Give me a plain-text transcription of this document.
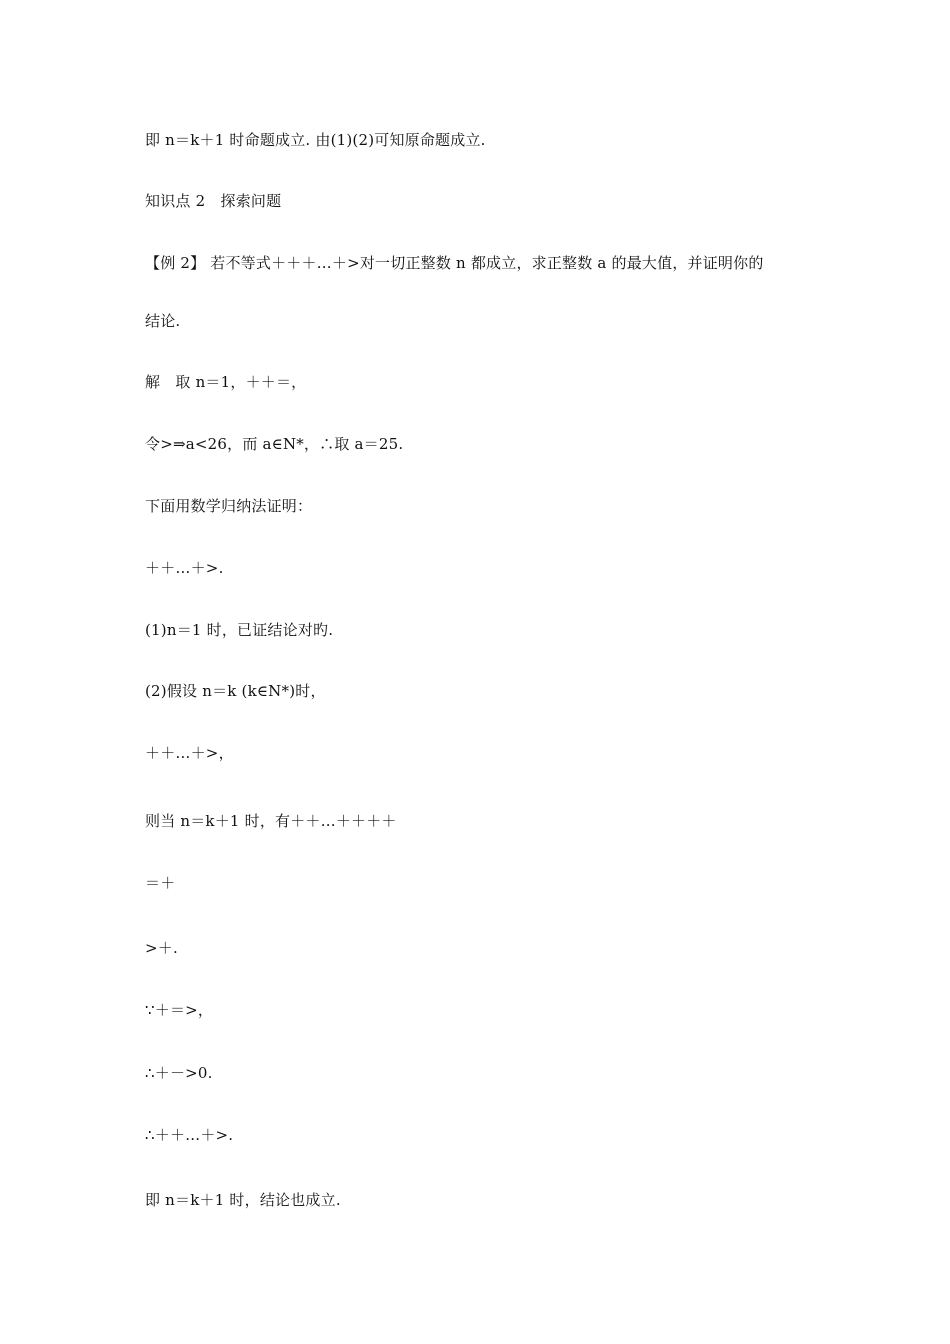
即 n＝k＋1 时命题成立. 由(1)(2)可知原命题成立.
知识点 2　探索问题
【例 2】 若不等式＋＋＋…＋>对一切正整数 n 都成立，求正整数 a 的最大值，并证明你的
结论.
解　取 n＝1，＋＋＝，
令>⇒a<26，而 a∈N*，∴取 a＝25.
下面用数学归纳法证明：
＋＋…＋>.
(1)n＝1 时，已证结论对旳.
(2)假设 n＝k (k∈N*)时，
＋＋…＋>，
则当 n＝k＋1 时，有＋＋…＋＋＋＋
＝＋
>＋.
∵＋＝>，
∴＋－>0.
∴＋＋…＋>.
即 n＝k＋1 时，结论也成立.
